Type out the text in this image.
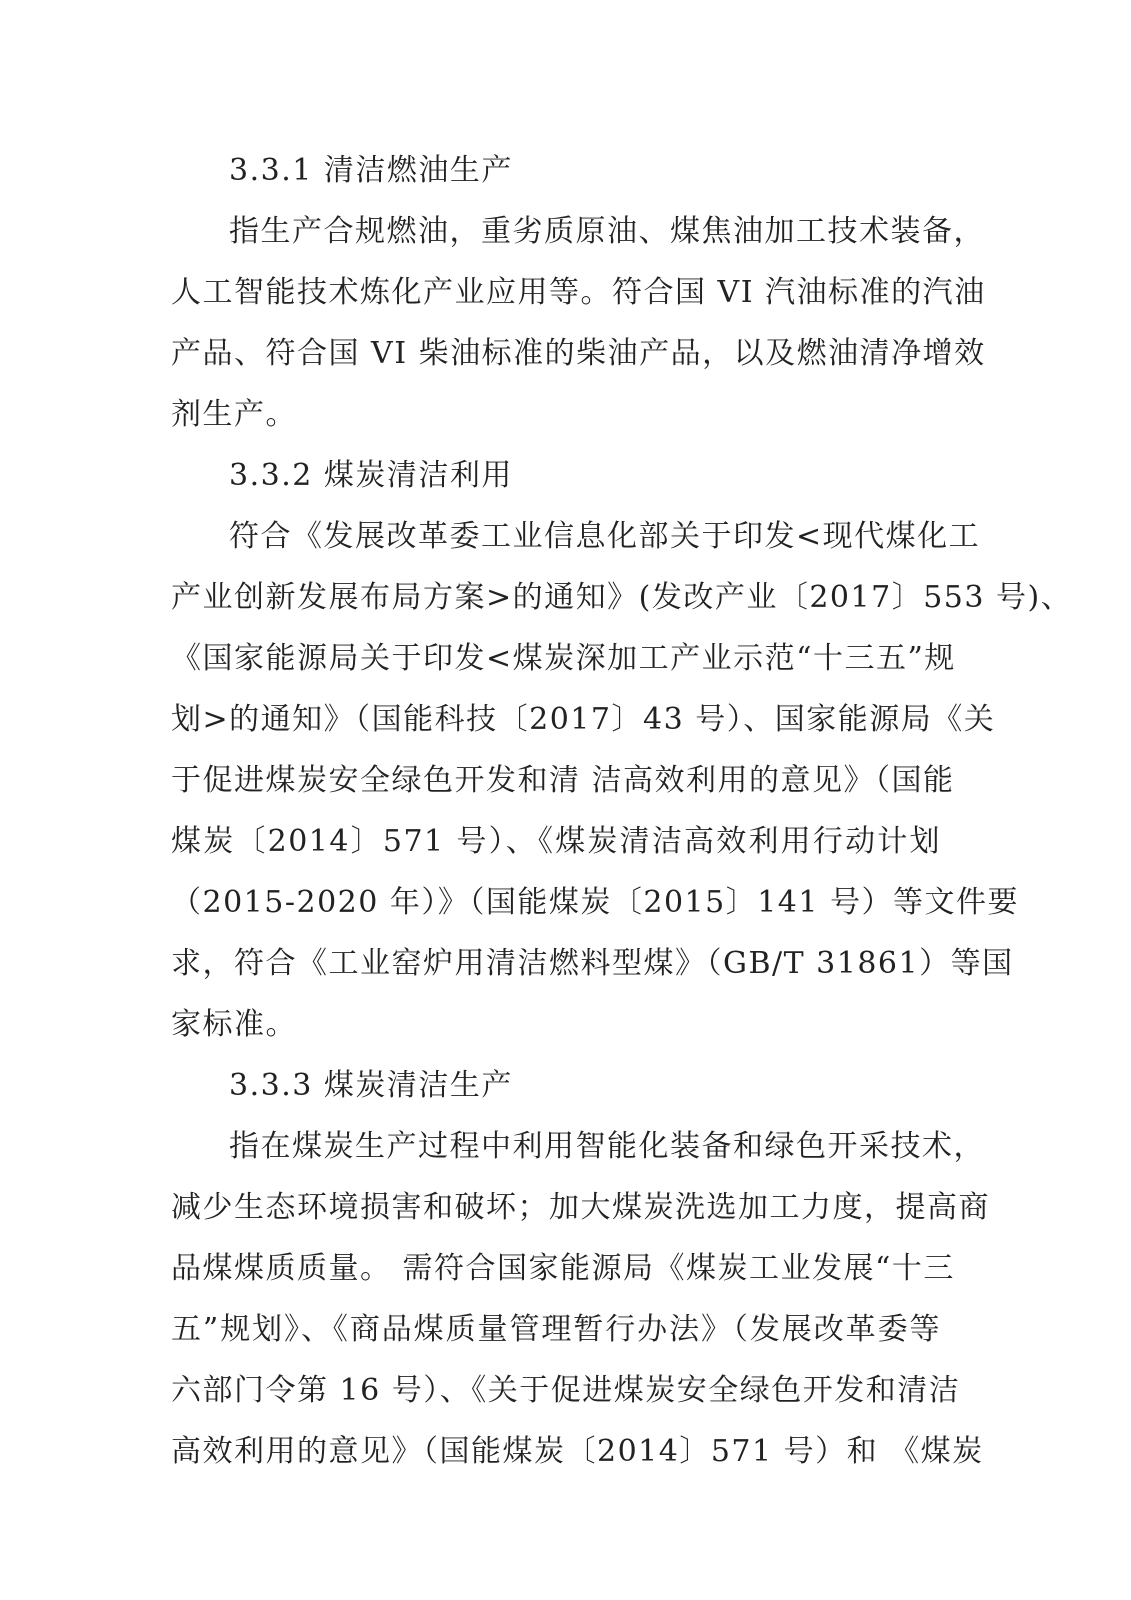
3.3.1 清洁燃油生产
指生产合规燃油，重劣质原油、煤焦油加工技术装备，
人工智能技术炼化产业应用等。符合国 VI 汽油标准的汽油
产品、符合国 VI 柴油标准的柴油产品，以及燃油清净增效
剂生产。
3.3.2 煤炭清洁利用
符合《发展改革委工业信息化部关于印发<现代煤化工
产业创新发展布局方案>的通知》(发改产业〔2017〕553 号)、
《国家能源局关于印发<煤炭深加工产业示范“十三五”规
划>的通知》（国能科技〔2017〕43 号）、国家能源局《关
于促进煤炭安全绿色开发和清 洁高效利用的意见》（国能
煤炭〔2014〕571 号）、《煤炭清洁高效利用行动计划
（2015-2020 年）》（国能煤炭〔2015〕141 号）等文件要
求，符合《工业窑炉用清洁燃料型煤》（GB/T 31861）等国
家标准。
3.3.3 煤炭清洁生产
指在煤炭生产过程中利用智能化装备和绿色开采技术，
减少生态环境损害和破坏；加大煤炭洗选加工力度，提高商
品煤煤质质量。 需符合国家能源局《煤炭工业发展“十三
五”规划》、《商品煤质量管理暂行办法》（发展改革委等
六部门令第 16 号）、《关于促进煤炭安全绿色开发和清洁
高效利用的意见》（国能煤炭〔2014〕571 号）和 《煤炭
